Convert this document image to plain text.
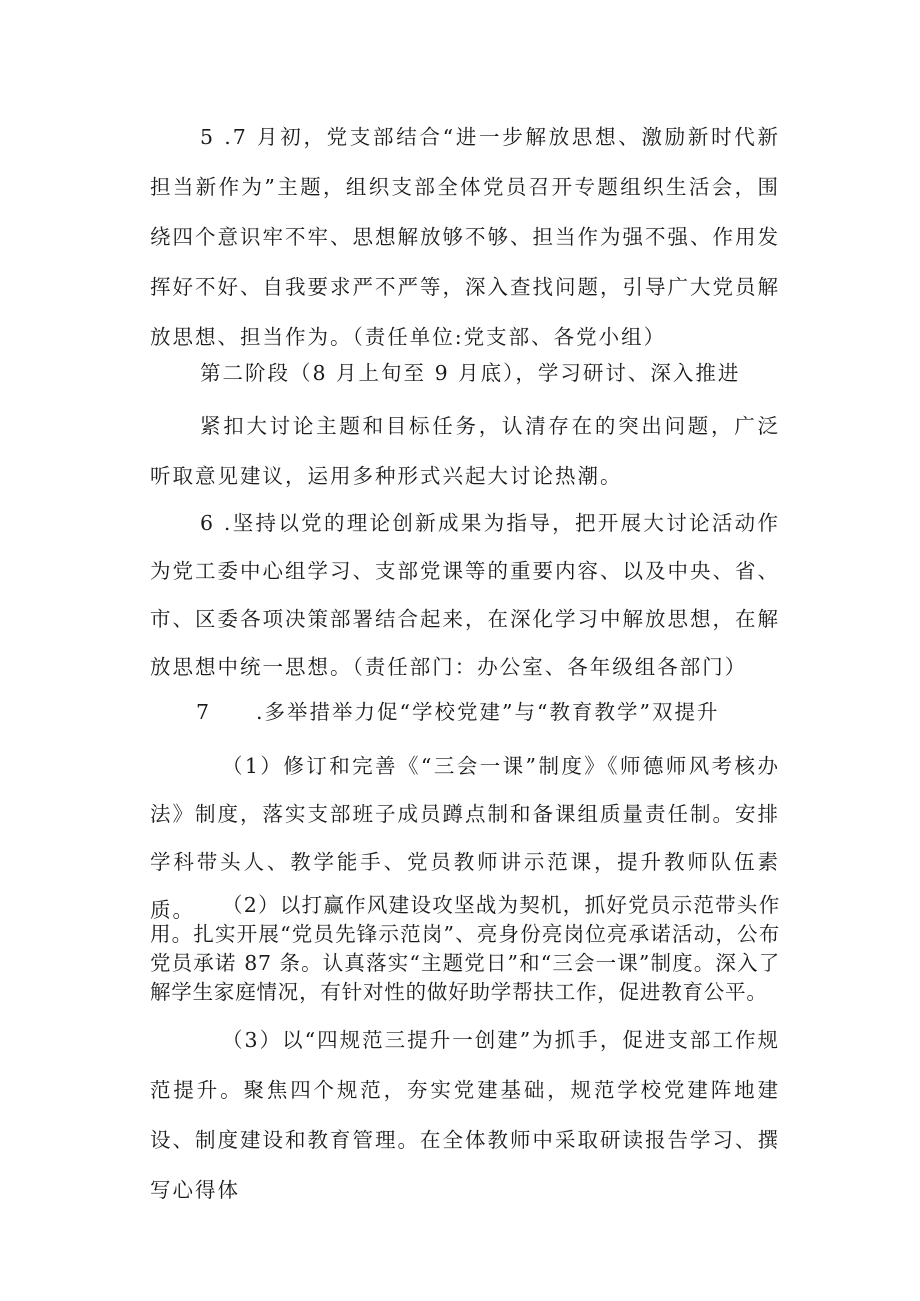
5 .7 月初，党支部结合“进一步解放思想、激励新时代新担当新作为”主题，组织支部全体党员召开专题组织生活会，围绕四个意识牢不牢、思想解放够不够、担当作为强不强、作用发挥好不好、自我要求严不严等，深入查找问题，引导广大党员解放思想、担当作为。（责任单位:党支部、各党小组）

第二阶段（8 月上旬至 9 月底），学习研讨、深入推进

紧扣大讨论主题和目标任务，认清存在的突出问题，广泛听取意见建议，运用多种形式兴起大讨论热潮。

6 .坚持以党的理论创新成果为指导，把开展大讨论活动作为党工委中心组学习、支部党课等的重要内容、以及中央、省、市、区委各项决策部署结合起来，在深化学习中解放思想，在解放思想中统一思想。（责任部门：办公室、各年级组各部门）

7  .多举措举力促“学校党建”与“教育教学”双提升

（1）修订和完善《“三会一课”制度》《师德师风考核办法》制度，落实支部班子成员蹲点制和备课组质量责任制。安排学科带头人、教学能手、党员教师讲示范课，提升教师队伍素质。	（2）以打赢作风建设攻坚战为契机，抓好党员示范带头作用。扎实开展“党员先锋示范岗”、亮身份亮岗位亮承诺活动，公布党员承诺 87 条。认真落实“主题党日”和“三会一课”制度。深入了解学生家庭情况，有针对性的做好助学帮扶工作，促进教育公平。

（3）以“四规范三提升一创建”为抓手，促进支部工作规范提升。聚焦四个规范，夯实党建基础，规范学校党建阵地建设、制度建设和教育管理。在全体教师中采取研读报告学习、撰写心得体
